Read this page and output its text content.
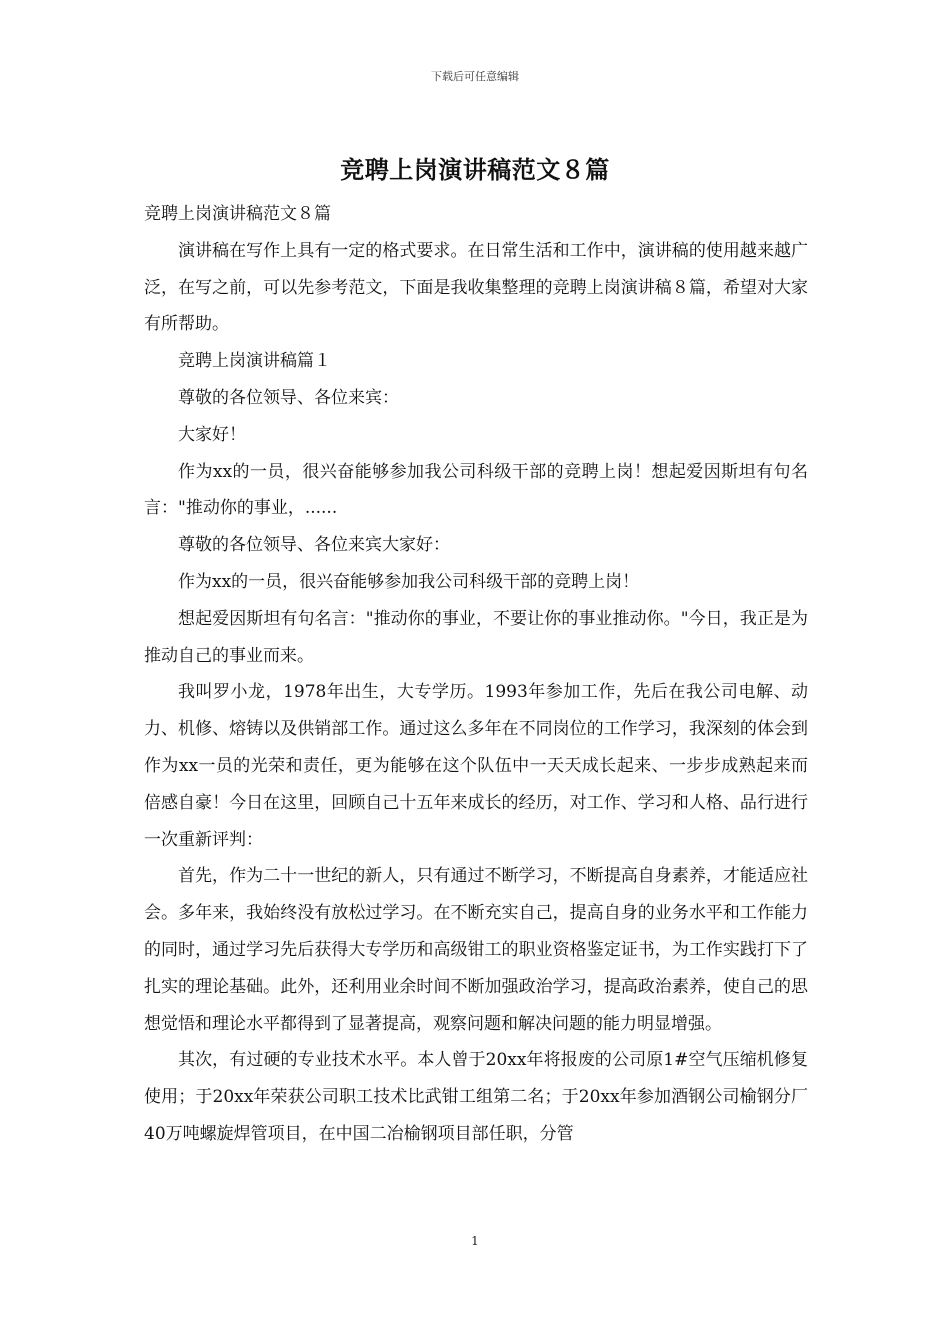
下载后可任意编辑
竞聘上岗演讲稿范文８篇

竞聘上岗演讲稿范文８篇

演讲稿在写作上具有一定的格式要求。在日常生活和工作中，演讲稿的使用越来越广泛，在写之前，可以先参考范文，下面是我收集整理的竞聘上岗演讲稿８篇，希望对大家有所帮助。

竞聘上岗演讲稿篇１

尊敬的各位领导、各位来宾：

大家好！

作为xx的一员，很兴奋能够参加我公司科级干部的竞聘上岗！想起爱因斯坦有句名言："推动你的事业，......

尊敬的各位领导、各位来宾大家好：

作为xx的一员，很兴奋能够参加我公司科级干部的竞聘上岗！

想起爱因斯坦有句名言："推动你的事业，不要让你的事业推动你。"今日，我正是为推动自己的事业而来。

我叫罗小龙，1978年出生，大专学历。1993年参加工作，先后在我公司电解、动力、机修、熔铸以及供销部工作。通过这么多年在不同岗位的工作学习，我深刻的体会到作为xx一员的光荣和责任，更为能够在这个队伍中一天天成长起来、一步步成熟起来而倍感自豪！今日在这里，回顾自己十五年来成长的经历，对工作、学习和人格、品行进行一次重新评判：

首先，作为二十一世纪的新人，只有通过不断学习，不断提高自身素养，才能适应社会。多年来，我始终没有放松过学习。在不断充实自己，提高自身的业务水平和工作能力的同时，通过学习先后获得大专学历和高级钳工的职业资格鉴定证书，为工作实践打下了扎实的理论基础。此外，还利用业余时间不断加强政治学习，提高政治素养，使自己的思想觉悟和理论水平都得到了显著提高，观察问题和解决问题的能力明显增强。

其次，有过硬的专业技术水平。本人曾于20xx年将报废的公司原1#空气压缩机修复使用；于20xx年荣获公司职工技术比武钳工组第二名；于20xx年参加酒钢公司榆钢分厂40万吨螺旋焊管项目，在中国二冶榆钢项目部任职，分管

1
